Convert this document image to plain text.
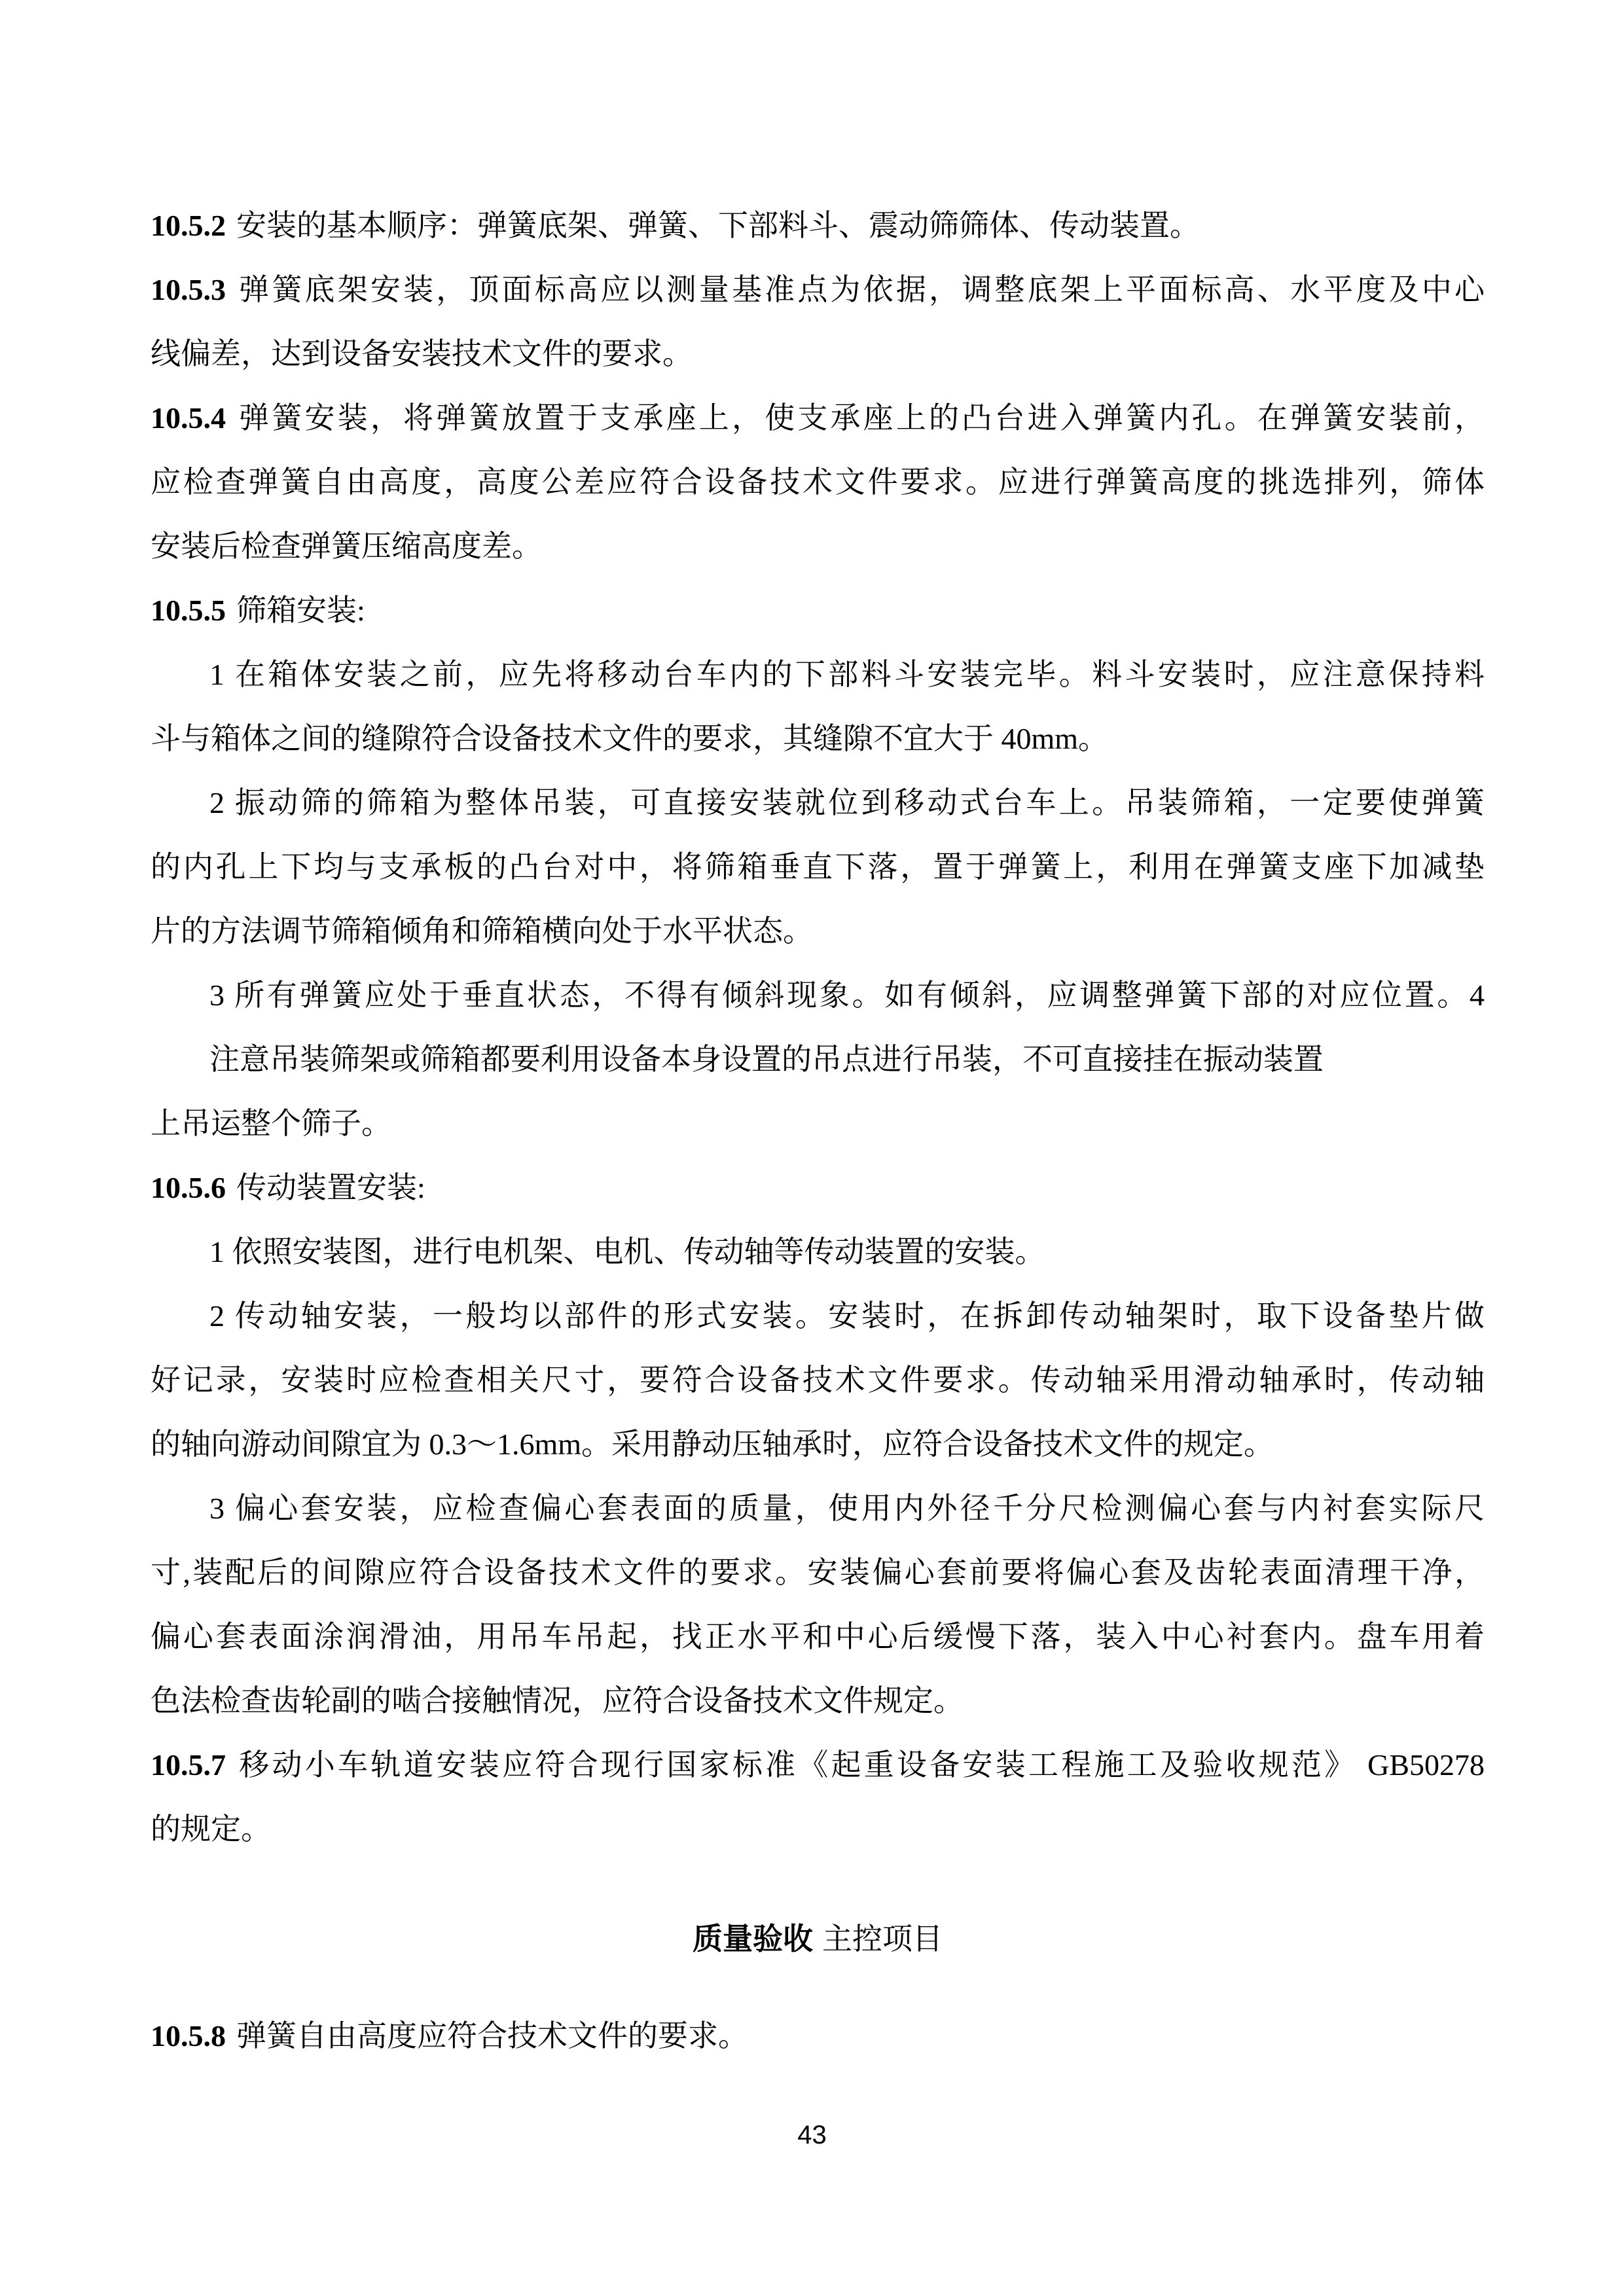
10.5.2 安装的基本顺序：弹簧底架、弹簧、下部料斗、震动筛筛体、传动装置。
10.5.3 弹簧底架安装，顶面标高应以测量基准点为依据，调整底架上平面标高、水平度及中心
线偏差，达到设备安装技术文件的要求。
10.5.4 弹簧安装，将弹簧放置于支承座上，使支承座上的凸台进入弹簧内孔。在弹簧安装前，
应检查弹簧自由高度，高度公差应符合设备技术文件要求。应进行弹簧高度的挑选排列，筛体
安装后检查弹簧压缩高度差。
10.5.5 筛箱安装:
1 在箱体安装之前，应先将移动台车内的下部料斗安装完毕。料斗安装时，应注意保持料
斗与箱体之间的缝隙符合设备技术文件的要求，其缝隙不宜大于 40mm。
2 振动筛的筛箱为整体吊装，可直接安装就位到移动式台车上。吊装筛箱，一定要使弹簧
的内孔上下均与支承板的凸台对中，将筛箱垂直下落，置于弹簧上，利用在弹簧支座下加减垫
片的方法调节筛箱倾角和筛箱横向处于水平状态。
3 所有弹簧应处于垂直状态，不得有倾斜现象。如有倾斜，应调整弹簧下部的对应位置。4
注意吊装筛架或筛箱都要利用设备本身设置的吊点进行吊装，不可直接挂在振动装置
上吊运整个筛子。
10.5.6 传动装置安装:
1 依照安装图，进行电机架、电机、传动轴等传动装置的安装。
2 传动轴安装，一般均以部件的形式安装。安装时，在拆卸传动轴架时，取下设备垫片做
好记录，安装时应检查相关尺寸，要符合设备技术文件要求。传动轴采用滑动轴承时，传动轴
的轴向游动间隙宜为 0.3～1.6mm。采用静动压轴承时，应符合设备技术文件的规定。
3 偏心套安装，应检查偏心套表面的质量，使用内外径千分尺检测偏心套与内衬套实际尺
寸,装配后的间隙应符合设备技术文件的要求。安装偏心套前要将偏心套及齿轮表面清理干净，
偏心套表面涂润滑油，用吊车吊起，找正水平和中心后缓慢下落，装入中心衬套内。盘车用着
色法检查齿轮副的啮合接触情况，应符合设备技术文件规定。
10.5.7 移动小车轨道安装应符合现行国家标准《起重设备安装工程施工及验收规范》 GB50278
的规定。
质量验收 主控项目
10.5.8 弹簧自由高度应符合技术文件的要求。
43
